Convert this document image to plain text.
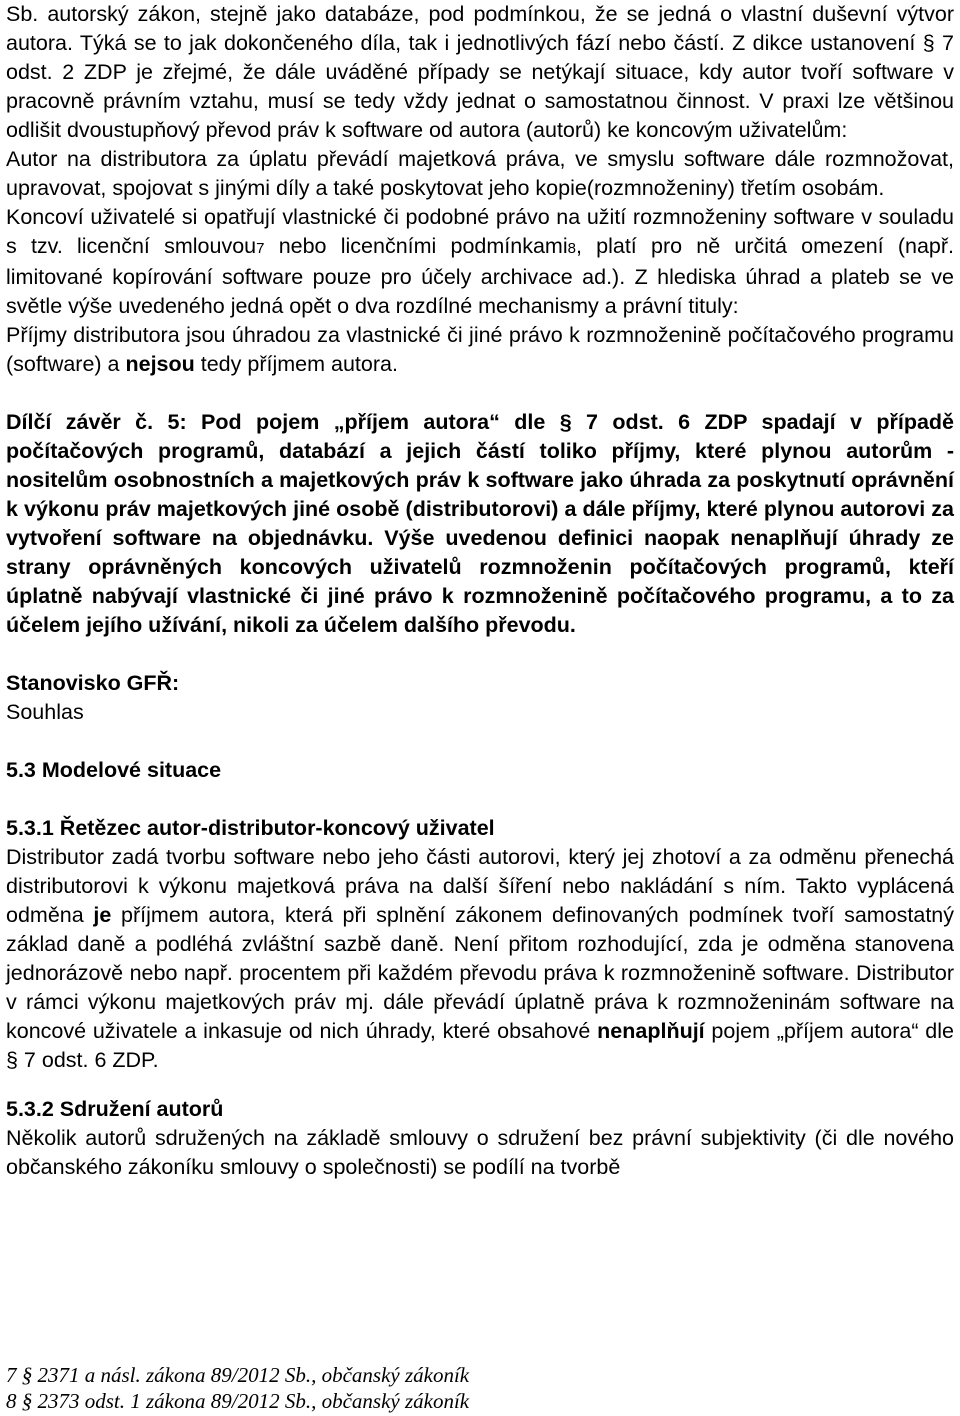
Sb. autorský zákon, stejně jako databáze, pod podmínkou, že se jedná o vlastní duševní výtvor autora. Týká se to jak dokončeného díla, tak i jednotlivých fází nebo částí. Z dikce ustanovení § 7 odst. 2 ZDP je zřejmé, že dále uváděné případy se netýkají situace, kdy autor tvoří software v pracovně právním vztahu, musí se tedy vždy jednat o samostatnou činnost. V praxi lze většinou odlišit dvoustupňový převod práv k software od autora (autorů) ke koncovým uživatelům:

Autor na distributora za úplatu převádí majetková práva, ve smyslu software dále rozmnožovat, upravovat, spojovat s jinými díly a také poskytovat jeho kopie(rozmnoženiny) třetím osobám.

Koncoví uživatelé si opatřují vlastnické či podobné právo na užití rozmnoženiny software v souladu s tzv. licenční smlouvou7 nebo licenčními podmínkami8, platí pro ně určitá omezení (např. limitované kopírování software pouze pro účely archivace ad.). Z hlediska úhrad a plateb se ve světle výše uvedeného jedná opět o dva rozdílné mechanismy a právní tituly:

Příjmy distributora jsou úhradou za vlastnické či jiné právo k rozmnoženině počítačového programu (software) a nejsou tedy příjmem autora.

Dílčí závěr č. 5: Pod pojem „příjem autora“ dle § 7 odst. 6 ZDP spadají v případě počítačových programů, databází a jejich částí toliko příjmy, které plynou autorům - nositelům osobnostních a majetkových práv k software jako úhrada za poskytnutí oprávnění k výkonu práv majetkových jiné osobě (distributorovi) a dále příjmy, které plynou autorovi za vytvoření software na objednávku. Výše uvedenou definici naopak nenaplňují úhrady ze strany oprávněných koncových uživatelů rozmnoženin počítačových programů, kteří úplatně nabývají vlastnické či jiné právo k rozmnoženině počítačového programu, a to za účelem jejího užívání, nikoli za účelem dalšího převodu.

Stanovisko GFŘ:

Souhlas

5.3 Modelové situace

5.3.1 Řetězec autor-distributor-koncový uživatel

Distributor zadá tvorbu software nebo jeho části autorovi, který jej zhotoví a za odměnu přenechá distributorovi k výkonu majetková práva na další šíření nebo nakládání s ním. Takto vyplácená odměna je příjmem autora, která při splnění zákonem definovaných podmínek tvoří samostatný základ daně a podléhá zvláštní sazbě daně. Není přitom rozhodující, zda je odměna stanovena jednorázově nebo např. procentem při každém převodu práva k rozmnoženině software. Distributor v rámci výkonu majetkových práv mj. dále převádí úplatně práva k rozmnoženinám software na koncové uživatele a inkasuje od nich úhrady, které obsahové nenaplňují pojem „příjem autora“ dle § 7 odst. 6 ZDP.

5.3.2 Sdružení autorů

Několik autorů sdružených na základě smlouvy o sdružení bez právní subjektivity (či dle nového občanského zákoníku smlouvy o společnosti) se podílí na tvorbě

7 § 2371 a násl. zákona 89/2012 Sb., občanský zákoník
8 § 2373 odst. 1 zákona 89/2012 Sb., občanský zákoník
